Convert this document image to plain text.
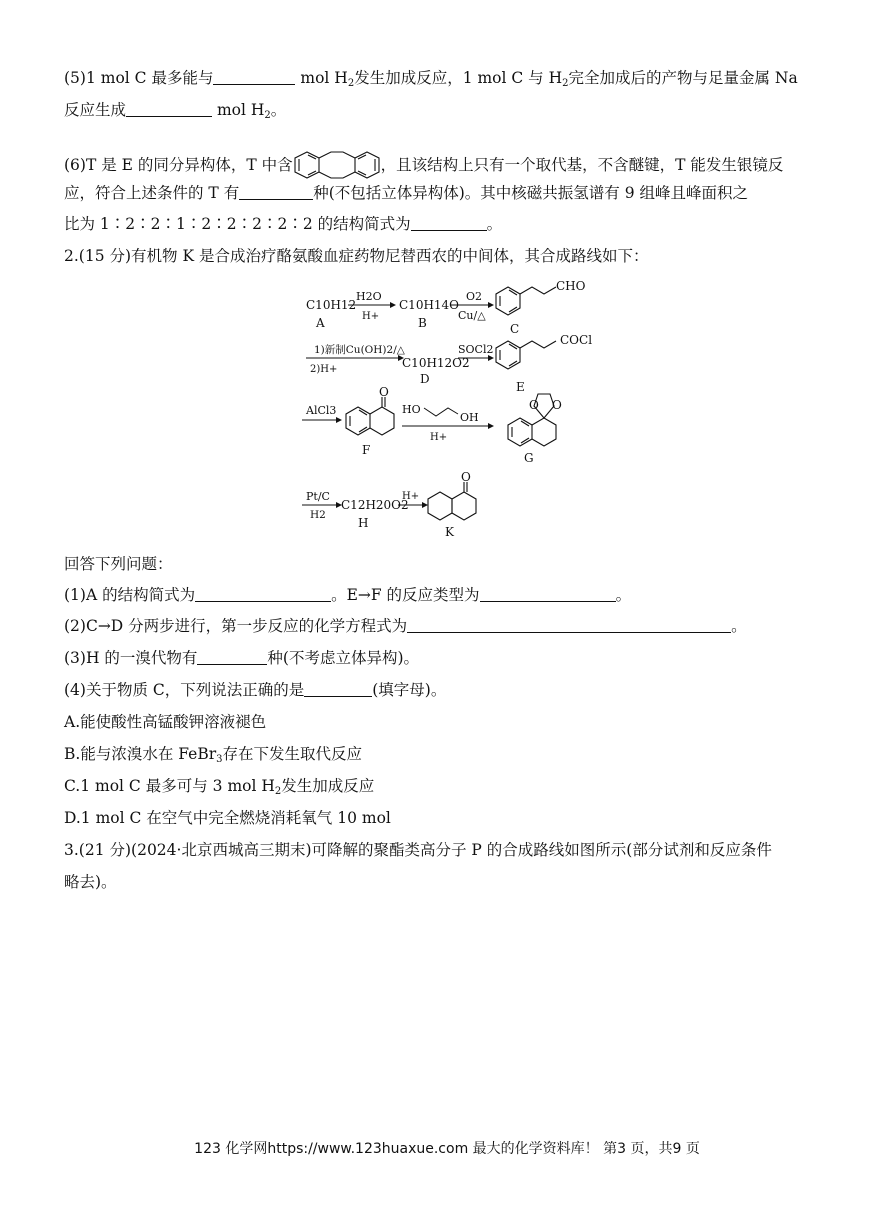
(5)1 mol C 最多能与	mol $H_2$发生加成反应，1 mol C 与 $H_2$完全加成后的产物与足量金属 Na
反应生成	mol $H_2$。
(6)T 是 E 的同分异构体，T 中含	，且该结构上只有一个取代基，不含醚键，T 能发生银镜反
应，符合上述条件的 T 有	种(不包括立体异构体)。其中核磁共振氢谱有 9 组峰且峰面积之
比为 1∶2∶2∶1∶2∶2∶2∶2∶2 的结构简式为	。
2.(15 分)有机物 K 是合成治疗酪氨酸血症药物尼替西农的中间体，其合成路线如下：
C10H12
A
H2O
H+
C10H14O
B
O2
Cu/△
CHO
C
1)新制Cu(OH)2/△
2)H+	C10H12O2
D
SOCl2
COCl
E
AlCl3
O
F
HO
OH
H+
O O
G
Pt/C
H2
C12H20O2
H
H+
O
K
回答下列问题：
(1)A 的结构简式为	。E→F 的反应类型为	。
(2)C→D 分两步进行，第一步反应的化学方程式为	。
(3)H 的一溴代物有	种(不考虑立体异构)。
(4)关于物质 C，下列说法正确的是	(填字母)。
A.能使酸性高锰酸钾溶液褪色
B.能与浓溴水在 FeBr$_3$存在下发生取代反应
C.1 mol C 最多可与 3 mol $H_2$发生加成反应
D.1 mol C 在空气中完全燃烧消耗氧气 10 mol
3.(21 分)(2024·北京西城高三期末)可降解的聚酯类高分子 P 的合成路线如图所示(部分试剂和反应条件
略去)。
123 化学网https://www.123huaxue.com 最大的化学资料库！ 第3 页，共9 页
